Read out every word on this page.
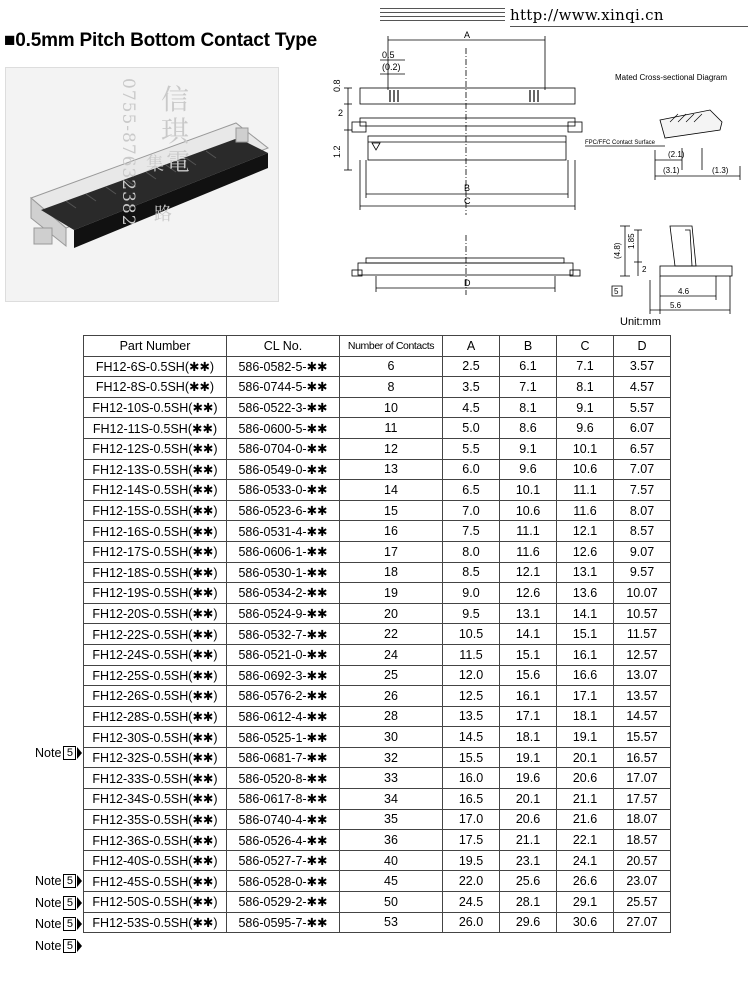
http://www.xinqi.cn
■0.5mm Pitch Bottom Contact Type
0755-87632382 信
琪
電
集
路
A
B
C
D
0.5
(0.2)
0.8
2
1.2
Mated Cross-sectional Diagram
FPC/FFC Contact Surface
(2.1)
(3.1)	(1.3)
(4.8)
1.85
2
4.6
5.6
5
Unit:mm
Part Number	CL No.	Number of Contacts	A	B	C	D
FH12-6S-0.5SH(✱✱)	586-0582-5-✱✱	6	2.5	6.1	7.1	3.57
FH12-8S-0.5SH(✱✱)	586-0744-5-✱✱	8	3.5	7.1	8.1	4.57
FH12-10S-0.5SH(✱✱)	586-0522-3-✱✱	10	4.5	8.1	9.1	5.57
FH12-11S-0.5SH(✱✱)	586-0600-5-✱✱	11	5.0	8.6	9.6	6.07
FH12-12S-0.5SH(✱✱)	586-0704-0-✱✱	12	5.5	9.1	10.1	6.57
FH12-13S-0.5SH(✱✱)	586-0549-0-✱✱	13	6.0	9.6	10.6	7.07
FH12-14S-0.5SH(✱✱)	586-0533-0-✱✱	14	6.5	10.1	11.1	7.57
FH12-15S-0.5SH(✱✱)	586-0523-6-✱✱	15	7.0	10.6	11.6	8.07
FH12-16S-0.5SH(✱✱)	586-0531-4-✱✱	16	7.5	11.1	12.1	8.57
FH12-17S-0.5SH(✱✱)	586-0606-1-✱✱	17	8.0	11.6	12.6	9.07
FH12-18S-0.5SH(✱✱)	586-0530-1-✱✱	18	8.5	12.1	13.1	9.57
FH12-19S-0.5SH(✱✱)	586-0534-2-✱✱	19	9.0	12.6	13.6	10.07
FH12-20S-0.5SH(✱✱)	586-0524-9-✱✱	20	9.5	13.1	14.1	10.57
FH12-22S-0.5SH(✱✱)	586-0532-7-✱✱	22	10.5	14.1	15.1	11.57
FH12-24S-0.5SH(✱✱)	586-0521-0-✱✱	24	11.5	15.1	16.1	12.57
FH12-25S-0.5SH(✱✱)	586-0692-3-✱✱	25	12.0	15.6	16.6	13.07
FH12-26S-0.5SH(✱✱)	586-0576-2-✱✱	26	12.5	16.1	17.1	13.57
FH12-28S-0.5SH(✱✱)	586-0612-4-✱✱	28	13.5	17.1	18.1	14.57
FH12-30S-0.5SH(✱✱)	586-0525-1-✱✱	30	14.5	18.1	19.1	15.57
FH12-32S-0.5SH(✱✱)	586-0681-7-✱✱	32	15.5	19.1	20.1	16.57
FH12-33S-0.5SH(✱✱)	586-0520-8-✱✱	33	16.0	19.6	20.6	17.07
FH12-34S-0.5SH(✱✱)	586-0617-8-✱✱	34	16.5	20.1	21.1	17.57
FH12-35S-0.5SH(✱✱)	586-0740-4-✱✱	35	17.0	20.6	21.6	18.07
FH12-36S-0.5SH(✱✱)	586-0526-4-✱✱	36	17.5	21.1	22.1	18.57
FH12-40S-0.5SH(✱✱)	586-0527-7-✱✱	40	19.5	23.1	24.1	20.57
FH12-45S-0.5SH(✱✱)	586-0528-0-✱✱	45	22.0	25.6	26.6	23.07
FH12-50S-0.5SH(✱✱)	586-0529-2-✱✱	50	24.5	28.1	29.1	25.57
FH12-53S-0.5SH(✱✱)	586-0595-7-✱✱	53	26.0	29.6	30.6	27.07
Note 5
Note 5
Note 5
Note 5
Note 5
